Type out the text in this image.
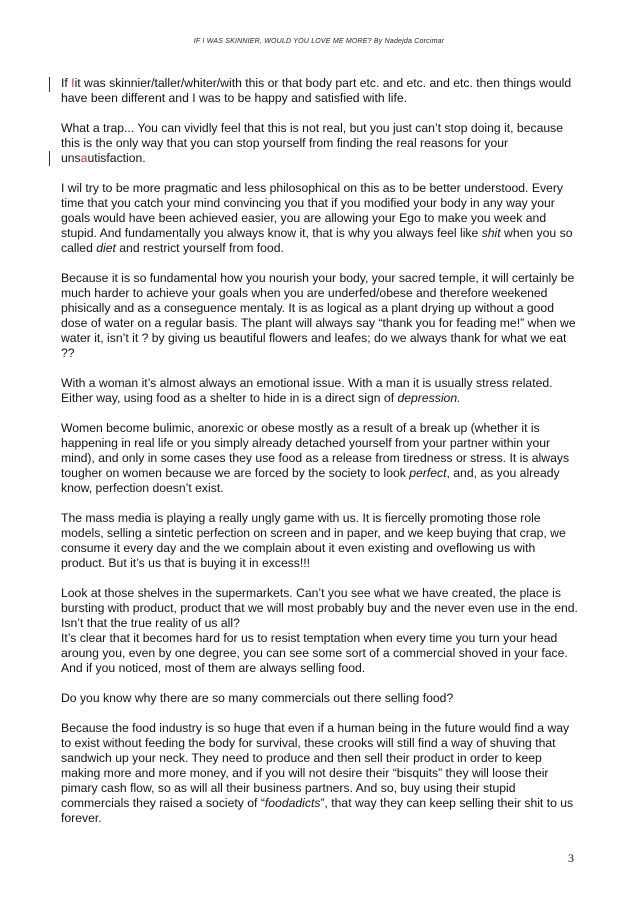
IF I WAS SKINNIER, WOULD YOU LOVE ME MORE? By Nadejda Corcimar

If Iit was skinnier/taller/whiter/with this or that body part etc. and etc. and etc. then things would have been different and I was to be happy and satisfied with life.

What a trap... You can vividly feel that this is not real, but you just can’t stop doing it, because this is the only way that you can stop yourself from finding the real reasons for your unsautisfaction.

I wil try to be more pragmatic and less philosophical on this as to be better understood. Every time that you catch your mind convincing you that if you modified your body in any way your goals would have been achieved easier, you are allowing your Ego to make you week and stupid. And fundamentally you always know it, that is why you always feel like shit when you so called diet and restrict yourself from food.

Because it is so fundamental how you nourish your body, your sacred temple, it will certainly be much harder to achieve your goals when you are underfed/obese and therefore weekened phisically and as a conseguence mentaly. It is as logical as a plant drying up without a good dose of water on a regular basis. The plant will always say “thank you for feading me!” when we water it, isn’t it ? by giving us beautiful flowers and leafes; do we always thank for what we eat ??

With a woman it’s almost always an emotional issue. With a man it is usually stress related. Either way, using food as a shelter to hide in is a direct sign of depression.

Women become bulimic, anorexic or obese mostly as a result of a break up (whether it is happening in real life or you simply already detached yourself from your partner within your mind), and only in some cases they use food as a release from tiredness or stress. It is always tougher on women because we are forced by the society to look perfect, and, as you already know, perfection doesn’t exist.

The mass media is playing a really ungly game with us. It is fiercelly promoting those role models, selling a sintetic perfection on screen and in paper, and we keep buying that crap, we consume it every day and the we complain about it even existing and oveflowing us with product. But it’s us that is buying it in excess!!!

Look at those shelves in the supermarkets. Can’t you see what we have created, the place is bursting with product, product that we will most probably buy and the never even use in the end. Isn’t that the true reality of us all?

It’s clear that it becomes hard for us to resist temptation when every time you turn your head aroung you, even by one degree, you can see some sort of a commercial shoved in your face. And if you noticed, most of them are always selling food.

Do you know why there are so many commercials out there selling food?

Because the food industry is so huge that even if a human being in the future would find a way to exist without feeding the body for survival, these crooks will still find a way of shuving that sandwich up your neck. They need to produce and then sell their product in order to keep making more and more money, and if you will not desire their “bisquits” they will loose their pimary cash flow, so as will all their business partners. And so, buy using their stupid commercials they raised a society of “foodadicts”, that way they can keep selling their shit to us forever.

3
